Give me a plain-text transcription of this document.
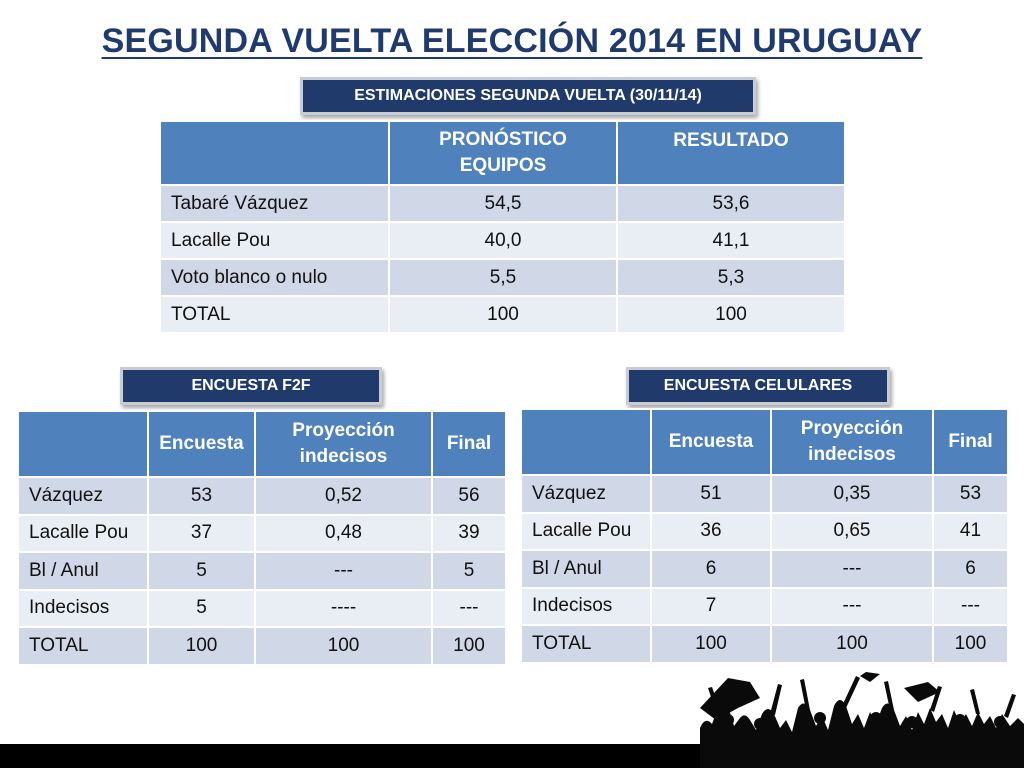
SEGUNDA VUELTA ELECCIÓN 2014 EN URUGUAY
ESTIMACIONES SEGUNDA VUELTA (30/11/14)
	PRONÓSTICO EQUIPOS	RESULTADO
Tabaré Vázquez	54,5	53,6
Lacalle Pou	40,0	41,1
Voto blanco o nulo	5,5	5,3
TOTAL	100	100
ENCUESTA F2F
	Encuesta	Proyección indecisos	Final
Vázquez	53	0,52	56
Lacalle Pou	37	0,48	39
Bl / Anul	5	---	5
Indecisos	5	----	---
TOTAL	100	100	100
ENCUESTA CELULARES
	Encuesta	Proyección indecisos	Final
Vázquez	51	0,35	53
Lacalle Pou	36	0,65	41
Bl / Anul	6	---	6
Indecisos	7	---	---
TOTAL	100	100	100
